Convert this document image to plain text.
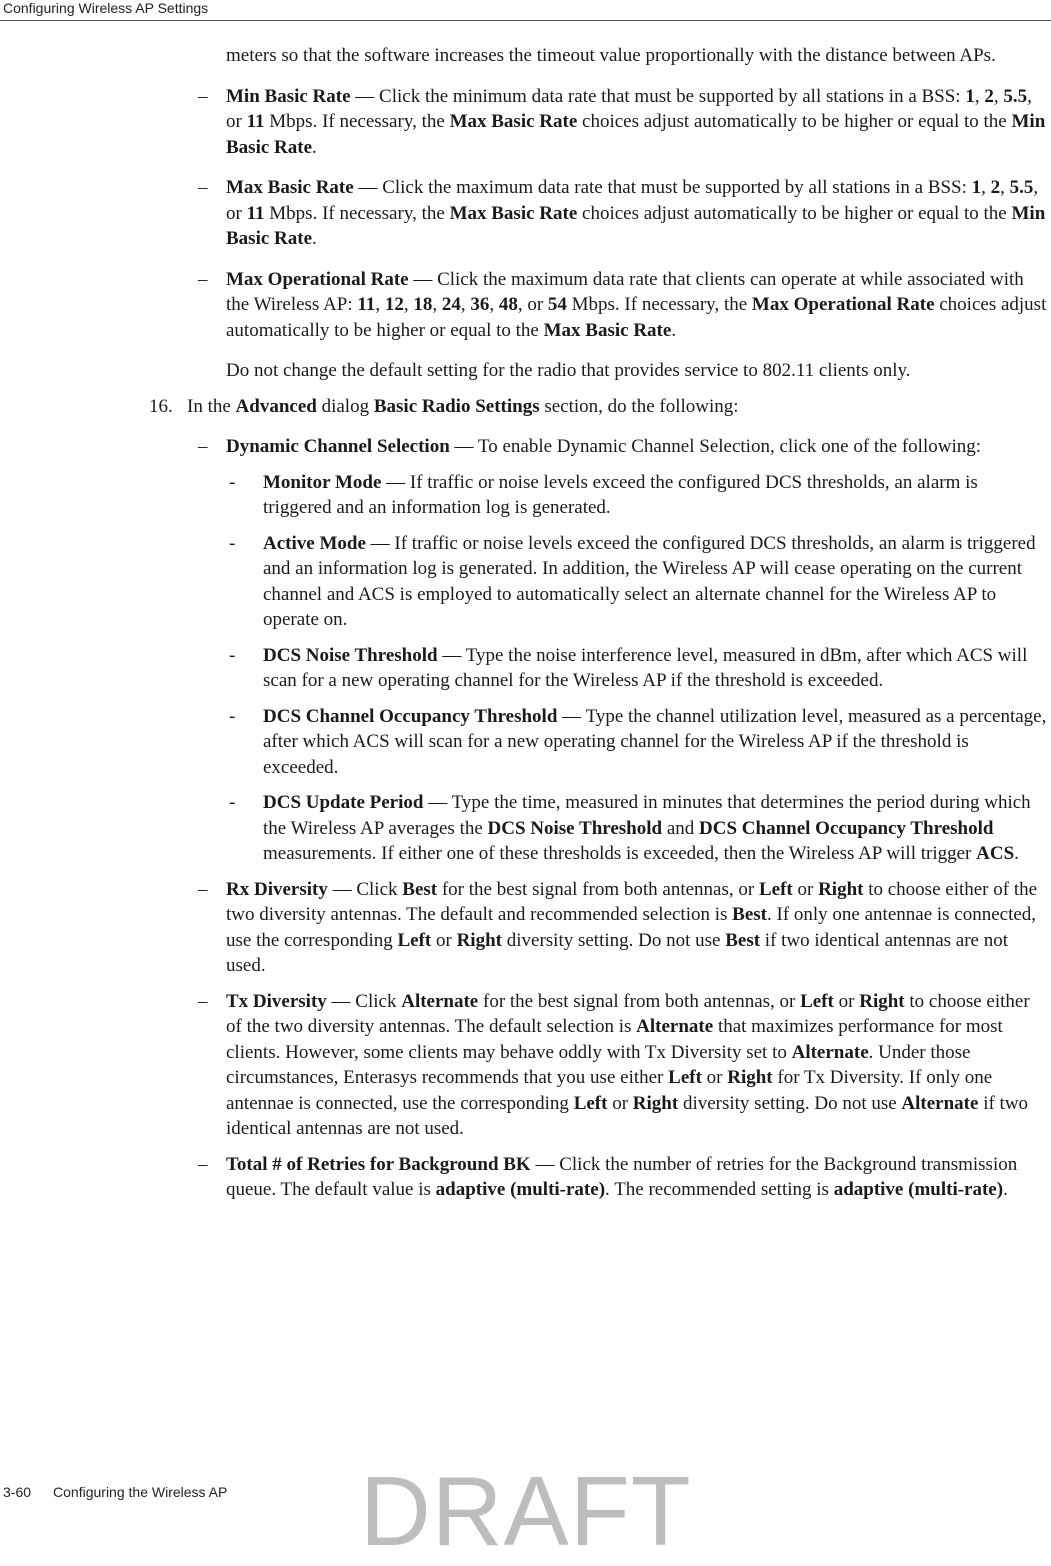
Configuring Wireless AP Settings

meters so that the software increases the timeout value proportionally with the distance between APs.

– Min Basic Rate — Click the minimum data rate that must be supported by all stations in a BSS: 1, 2, 5.5, or 11 Mbps. If necessary, the Max Basic Rate choices adjust automatically to be higher or equal to the Min Basic Rate.

– Max Basic Rate — Click the maximum data rate that must be supported by all stations in a BSS: 1, 2, 5.5, or 11 Mbps. If necessary, the Max Basic Rate choices adjust automatically to be higher or equal to the Min Basic Rate.

– Max Operational Rate — Click the maximum data rate that clients can operate at while associated with the Wireless AP: 11, 12, 18, 24, 36, 48, or 54 Mbps. If necessary, the Max Operational Rate choices adjust automatically to be higher or equal to the Max Basic Rate.

Do not change the default setting for the radio that provides service to 802.11 clients only.

16. In the Advanced dialog Basic Radio Settings section, do the following:

– Dynamic Channel Selection — To enable Dynamic Channel Selection, click one of the following:

- Monitor Mode — If traffic or noise levels exceed the configured DCS thresholds, an alarm is triggered and an information log is generated.

- Active Mode — If traffic or noise levels exceed the configured DCS thresholds, an alarm is triggered and an information log is generated. In addition, the Wireless AP will cease operating on the current channel and ACS is employed to automatically select an alternate channel for the Wireless AP to operate on.

- DCS Noise Threshold — Type the noise interference level, measured in dBm, after which ACS will scan for a new operating channel for the Wireless AP if the threshold is exceeded.

- DCS Channel Occupancy Threshold — Type the channel utilization level, measured as a percentage, after which ACS will scan for a new operating channel for the Wireless AP if the threshold is exceeded.

- DCS Update Period — Type the time, measured in minutes that determines the period during which the Wireless AP averages the DCS Noise Threshold and DCS Channel Occupancy Threshold measurements. If either one of these thresholds is exceeded, then the Wireless AP will trigger ACS.

– Rx Diversity — Click Best for the best signal from both antennas, or Left or Right to choose either of the two diversity antennas. The default and recommended selection is Best. If only one antennae is connected, use the corresponding Left or Right diversity setting. Do not use Best if two identical antennas are not used.

– Tx Diversity — Click Alternate for the best signal from both antennas, or Left or Right to choose either of the two diversity antennas. The default selection is Alternate that maximizes performance for most clients. However, some clients may behave oddly with Tx Diversity set to Alternate. Under those circumstances, Enterasys recommends that you use either Left or Right for Tx Diversity. If only one antennae is connected, use the corresponding Left or Right diversity setting. Do not use Alternate if two identical antennas are not used.

– Total # of Retries for Background BK — Click the number of retries for the Background transmission queue. The default value is adaptive (multi-rate). The recommended setting is adaptive (multi-rate).

3-60 Configuring the Wireless AP DRAFT
